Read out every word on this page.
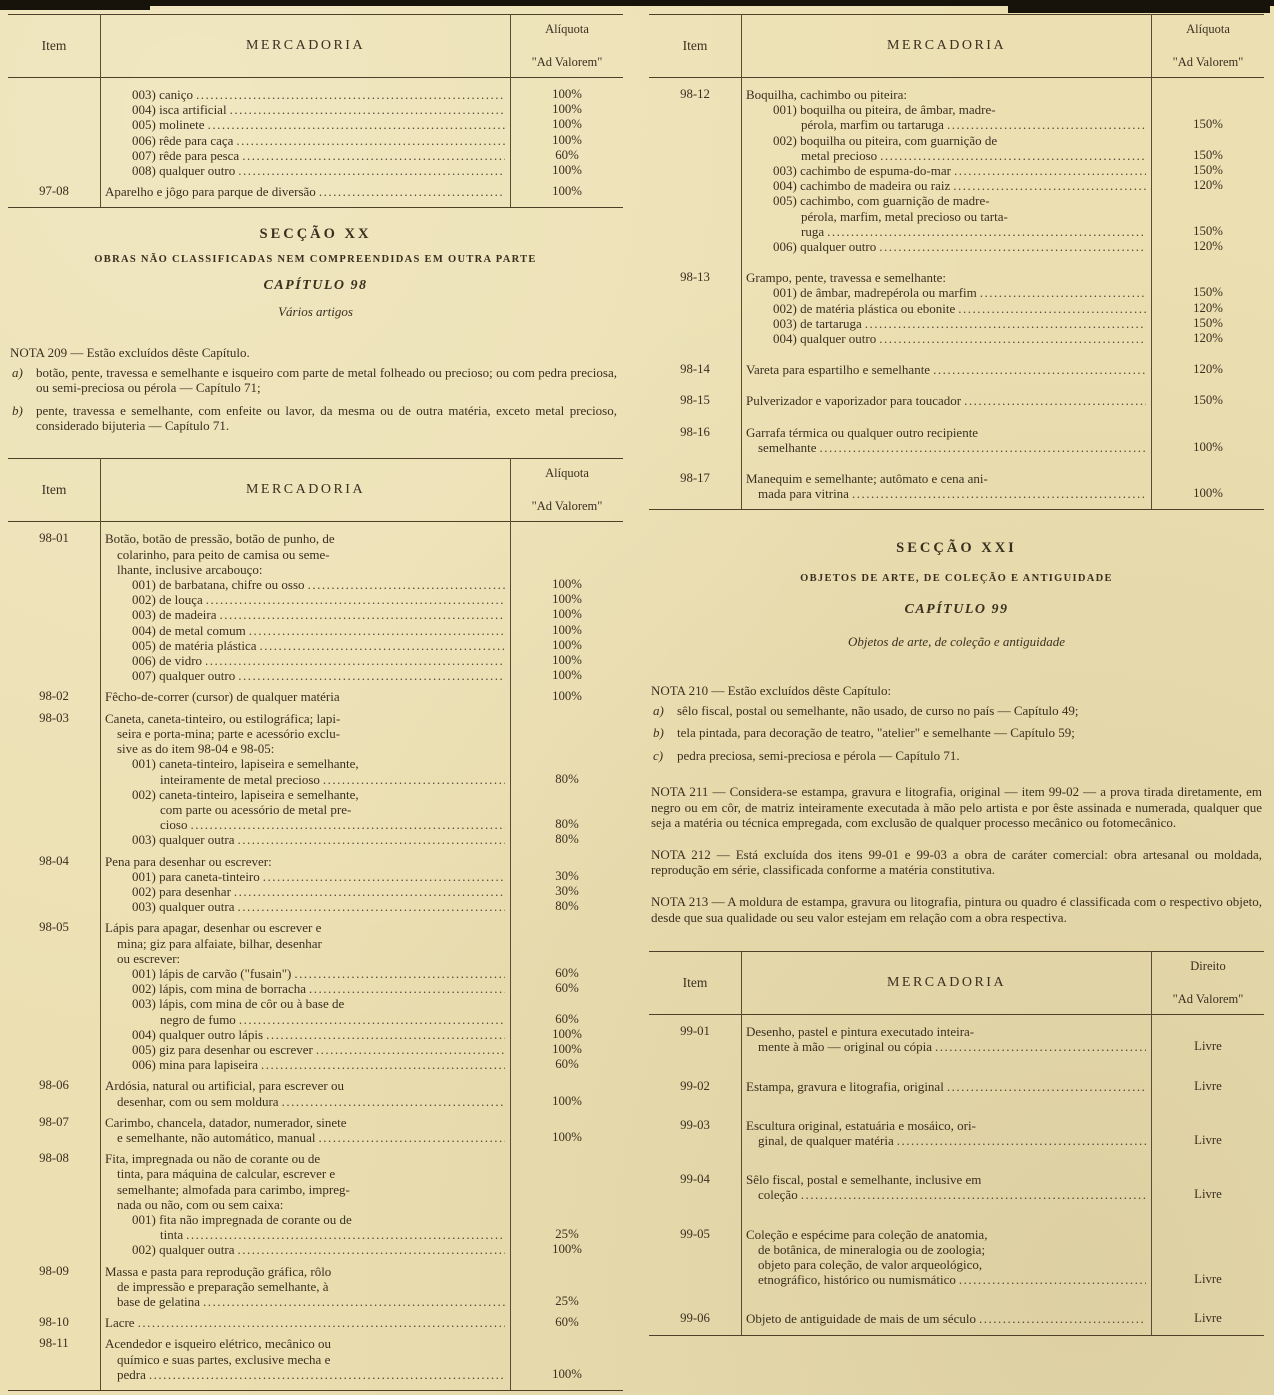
Item	MERCADORIA
Alíquota
"Ad Valorem"
003) caniço .....	100%
004) isca artificial .....	100%
005) molinete .....	100%
006) rêde para caça .....	100%
007) rêde para pesca .....	60%
008) qualquer outro .....	100%
97-08	Aparelho e jôgo para parque de diversão .....	100%
SECÇÃO XX
OBRAS NÃO CLASSIFICADAS NEM COMPREENDIDAS EM OUTRA PARTE
CAPÍTULO 98
Vários artigos

NOTA 209 — Estão excluídos dêste Capítulo.

a)	botão, pente, travessa e semelhante e isqueiro com parte de metal folheado ou precioso; ou com pedra preciosa, ou semi-preciosa ou pérola — Capítulo 71;
b)	pente, travessa e semelhante, com enfeite ou lavor, da mesma ou de outra matéria, exceto metal precioso, considerado bijuteria — Capítulo 71.
Item	MERCADORIA
Alíquota
"Ad Valorem"
98-01	Botão, botão de pressão, botão de punho, de
colarinho, para peito de camisa ou seme-
lhante, inclusive arcabouço:
001) de barbatana, chifre ou osso .....	100%
002) de louça .....	100%
003) de madeira .....	100%
004) de metal comum .....	100%
005) de matéria plástica .....	100%
006) de vidro .....	100%
007) qualquer outro .....	100%
98-02	Fêcho-de-correr (cursor) de qualquer matéria	100%
98-03	Caneta, caneta-tinteiro, ou estilográfica; lapi-
seira e porta-mina; parte e acessório exclu-
sive as do item 98-04 e 98-05:
001) caneta-tinteiro, lapiseira e semelhante,
inteiramente de metal precioso .....	80%
002) caneta-tinteiro, lapiseira e semelhante,
com parte ou acessório de metal pre-
cioso .....	80%
003) qualquer outra .....	80%
98-04	Pena para desenhar ou escrever:
001) para caneta-tinteiro .....	30%
002) para desenhar .....	30%
003) qualquer outra .....	80%
98-05	Lápis para apagar, desenhar ou escrever e
mina; giz para alfaiate, bilhar, desenhar
ou escrever:
001) lápis de carvão ("fusain") .....	60%
002) lápis, com mina de borracha .....	60%
003) lápis, com mina de côr ou à base de
negro de fumo .....	60%
004) qualquer outro lápis .....	100%
005) giz para desenhar ou escrever .....	100%
006) mina para lapiseira .....	60%
98-06	Ardósia, natural ou artificial, para escrever ou
desenhar, com ou sem moldura .....	100%
98-07	Carimbo, chancela, datador, numerador, sinete
e semelhante, não automático, manual .....	100%
98-08	Fita, impregnada ou não de corante ou de
tinta, para máquina de calcular, escrever e
semelhante; almofada para carimbo, impreg-
nada ou não, com ou sem caixa:
001) fita não impregnada de corante ou de
tinta .....	25%
002) qualquer outra .....	100%
98-09	Massa e pasta para reprodução gráfica, rôlo
de impressão e preparação semelhante, à
base de gelatina .....	25%
98-10	Lacre .....	60%
98-11	Acendedor e isqueiro elétrico, mecânico ou
químico e suas partes, exclusive mecha e
pedra .....	100%
Item	MERCADORIA
Alíquota
"Ad Valorem"
98-12	Boquilha, cachimbo ou piteira:
001) boquilha ou piteira, de âmbar, madre-
pérola, marfim ou tartaruga .....	150%
002) boquilha ou piteira, com guarnição de
metal precioso .....	150%
003) cachimbo de espuma-do-mar .....	150%
004) cachimbo de madeira ou raiz .....	120%
005) cachimbo, com guarnição de madre-
pérola, marfim, metal precioso ou tarta-
ruga .....	150%
006) qualquer outro .....	120%
98-13	Grampo, pente, travessa e semelhante:
001) de âmbar, madrepérola ou marfim .....	150%
002) de matéria plástica ou ebonite .....	120%
003) de tartaruga .....	150%
004) qualquer outro .....	120%
98-14	Vareta para espartilho e semelhante .....	120%
98-15	Pulverizador e vaporizador para toucador .....	150%
98-16	Garrafa térmica ou qualquer outro recipiente
semelhante .....	100%
98-17	Manequim e semelhante; autômato e cena ani-
mada para vitrina .....	100%
SECÇÃO XXI
OBJETOS DE ARTE, DE COLEÇÃO E ANTIGUIDADE
CAPÍTULO 99
Objetos de arte, de coleção e antiguidade

NOTA 210 — Estão excluídos dêste Capítulo:

a)	sêlo fiscal, postal ou semelhante, não usado, de curso no país — Capítulo 49;
b)	tela pintada, para decoração de teatro, "atelier" e semelhante — Capítulo 59;
c)	pedra preciosa, semi-preciosa e pérola — Capítulo 71.

NOTA 211 — Considera-se estampa, gravura e litografia, original — item 99-02 — a prova tirada diretamente, em negro ou em côr, de matriz inteiramente executada à mão pelo artista e por êste assinada e numerada, qualquer que seja a matéria ou técnica empregada, com exclusão de qualquer processo mecânico ou fotomecânico.

NOTA 212 — Está excluída dos itens 99-01 e 99-03 a obra de caráter comercial: obra artesanal ou moldada, reprodução em série, classificada conforme a matéria constitutiva.

NOTA 213 — A moldura de estampa, gravura ou litografia, pintura ou quadro é classificada com o respectivo objeto, desde que sua qualidade ou seu valor estejam em relação com a obra respectiva.

Item	MERCADORIA
Direito
"Ad Valorem"
99-01	Desenho, pastel e pintura executado inteira-
mente à mão — original ou cópia .....	Livre
99-02	Estampa, gravura e litografia, original .....	Livre
99-03	Escultura original, estatuária e mosáico, ori-
ginal, de qualquer matéria .....	Livre
99-04	Sêlo fiscal, postal e semelhante, inclusive em
coleção .....	Livre
99-05	Coleção e espécime para coleção de anatomia,
de botânica, de mineralogia ou de zoologia;
objeto para coleção, de valor arqueológico,
etnográfico, histórico ou numismático .....	Livre
99-06	Objeto de antiguidade de mais de um século .....	Livre
